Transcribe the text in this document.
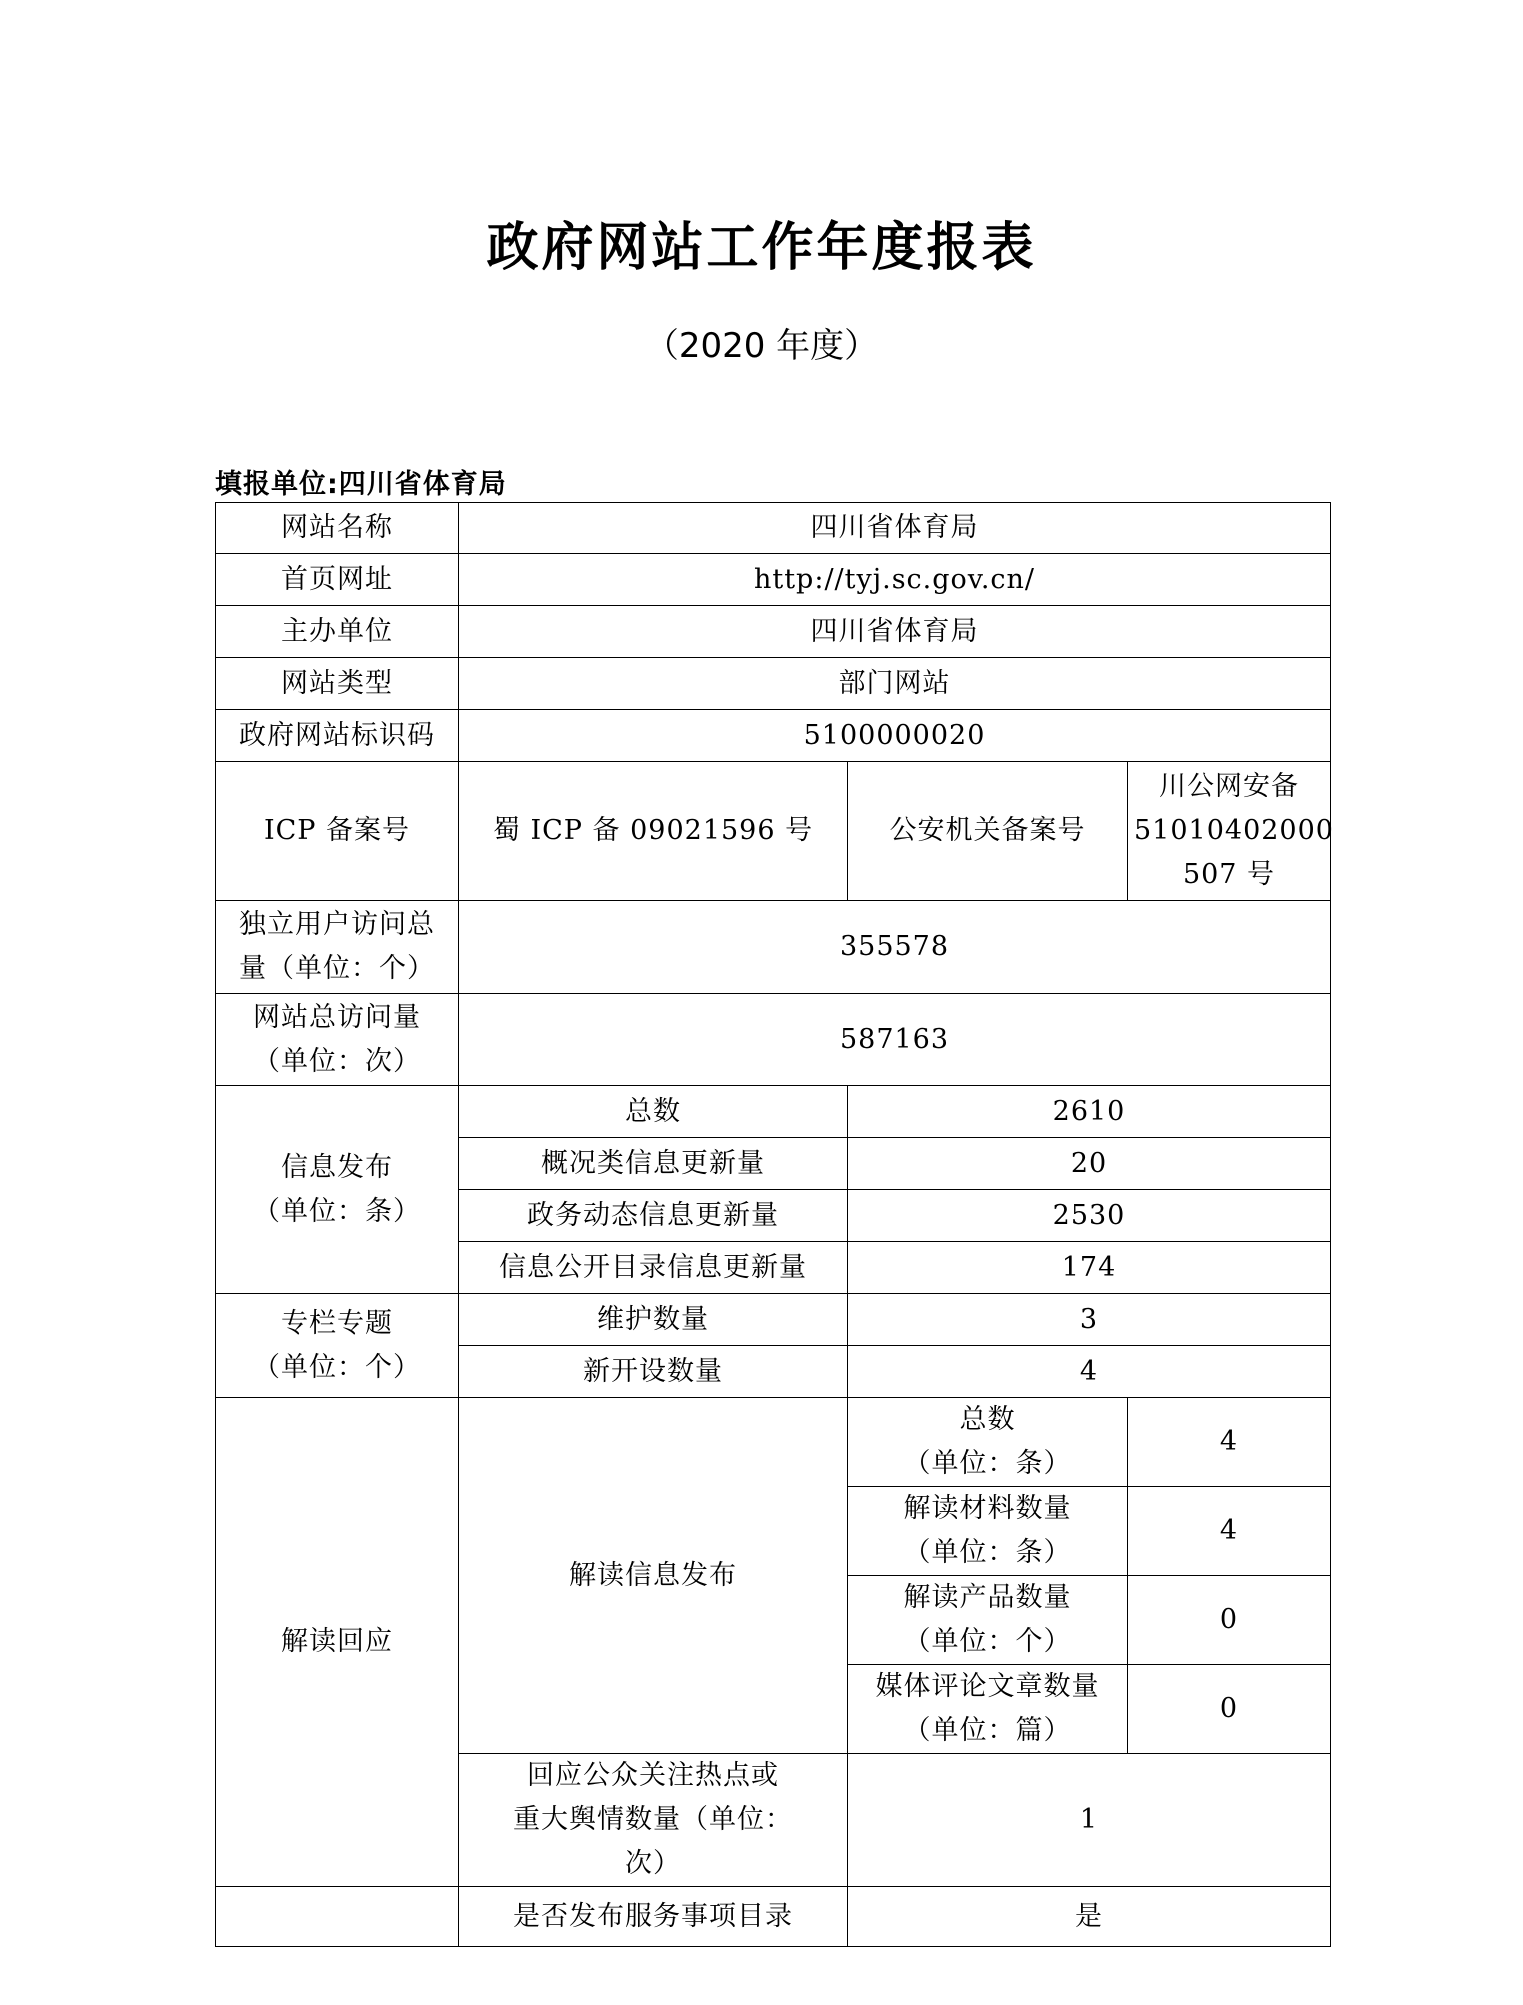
政府网站工作年度报表
（2020 年度）
填报单位:四川省体育局
网站名称	四川省体育局		
首页网址	http://tyj.sc.gov.cn/		
主办单位	四川省体育局		
网站类型	部门网站		
政府网站标识码	5100000020		
ICP 备案号	蜀 ICP 备 09021596 号	公安机关备案号	川公网安备
51010402000
507 号

独立用户访问总
量（单位：个）	355578		

网站总访问量
（单位：次）	587163		

信息发布
（单位：条）	总数	2610	
	概况类信息更新量	20	
	政务动态信息更新量	2530	
	信息公开目录信息更新量	174	

专栏专题
（单位：个）	维护数量	3	
	新开设数量	4	
解读回应	解读信息发布	总数
（单位：条）	4

		解读材料数量
（单位：条）	4

		解读产品数量
（单位：个）	0

		媒体评论文章数量
（单位：篇）	0

	回应公众关注热点或
重大舆情数量（单位：
次）	1	
	是否发布服务事项目录	是	
